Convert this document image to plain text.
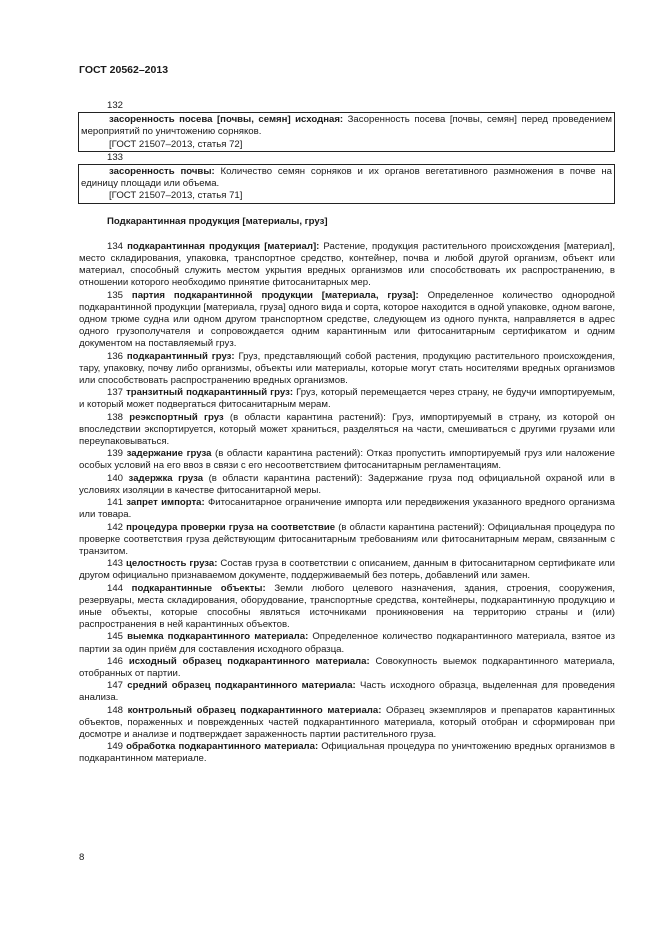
ГОСТ 20562–2013
132

засоренность посева [почвы, семян] исходная: Засоренность посева [почвы, семян] перед проведением мероприятий по уничтожению сорняков.

[ГОСТ 21507–2013, статья 72]

133

засоренность почвы: Количество семян сорняков и их органов вегетативного размножения в почве на единицу площади или объема.

[ГОСТ 21507–2013, статья 71]

Подкарантинная продукция [материалы, груз]

134 подкарантинная продукция [материал]: Растение, продукция растительного происхождения [материал], место складирования, упаковка, транспортное средство, контейнер, почва и любой другой организм, объект или материал, способный служить местом укрытия вредных организмов или способствовать их распространению, в отношении которого необходимо принятие фитосанитарных мер.

135 партия подкарантинной продукции [материала, груза]: Определенное количество однородной подкарантинной продукции [материала, груза] одного вида и сорта, которое находится в одной упаковке, одном вагоне, одном трюме судна или одном другом транспортном средстве, следующем из одного пункта, направляется в адрес одного грузополучателя и сопровождается одним карантинным или фитосанитарным сертификатом и одним документом на поставляемый груз.

136 подкарантинный груз: Груз, представляющий собой растения, продукцию растительного происхождения, тару, упаковку, почву либо организмы, объекты или материалы, которые могут стать носителями вредных организмов или способствовать распространению вредных организмов.

137 транзитный подкарантинный груз: Груз, который перемещается через страну, не будучи импортируемым, и который может подвергаться фитосанитарным мерам.

138 реэкспортный груз (в области карантина растений): Груз, импортируемый в страну, из которой он впоследствии экспортируется, который может храниться, разделяться на части, смешиваться с другими грузами или переупаковываться.

139 задержание груза (в области карантина растений): Отказ пропустить импортируемый груз или наложение особых условий на его ввоз в связи с его несоответствием фитосанитарным регламентациям.

140 задержка груза (в области карантина растений): Задержание груза под официальной охраной или в условиях изоляции в качестве фитосанитарной меры.

141 запрет импорта: Фитосанитарное ограничение импорта или передвижения указанного вредного организма или товара.

142 процедура проверки груза на соответствие (в области карантина растений): Официальная процедура по проверке соответствия груза действующим фитосанитарным требованиям или фитосанитарным мерам, связанным с транзитом.

143 целостность груза: Состав груза в соответствии с описанием, данным в фитосанитарном сертификате или другом официально признаваемом документе, поддерживаемый без потерь, добавлений или замен.

144 подкарантинные объекты: Земли любого целевого назначения, здания, строения, сооружения, резервуары, места складирования, оборудование, транспортные средства, контейнеры, подкарантинную продукцию и иные объекты, которые способны являться источниками проникновения на территорию страны и (или) распространения в ней карантинных объектов.

145 выемка подкарантинного материала: Определенное количество подкарантинного материала, взятое из партии за один приём для составления исходного образца.

146 исходный образец подкарантинного материала: Совокупность выемок подкарантинного материала, отобранных от партии.

147 средний образец подкарантинного материала: Часть исходного образца, выделенная для проведения анализа.

148 контрольный образец подкарантинного материала: Образец экземпляров и препаратов карантинных объектов, пораженных и поврежденных частей подкарантинного материала, который отобран и сформирован при досмотре и анализе и подтверждает зараженность партии растительного груза.

149 обработка подкарантинного материала: Официальная процедура по уничтожению вредных организмов в подкарантинном материале.

8
